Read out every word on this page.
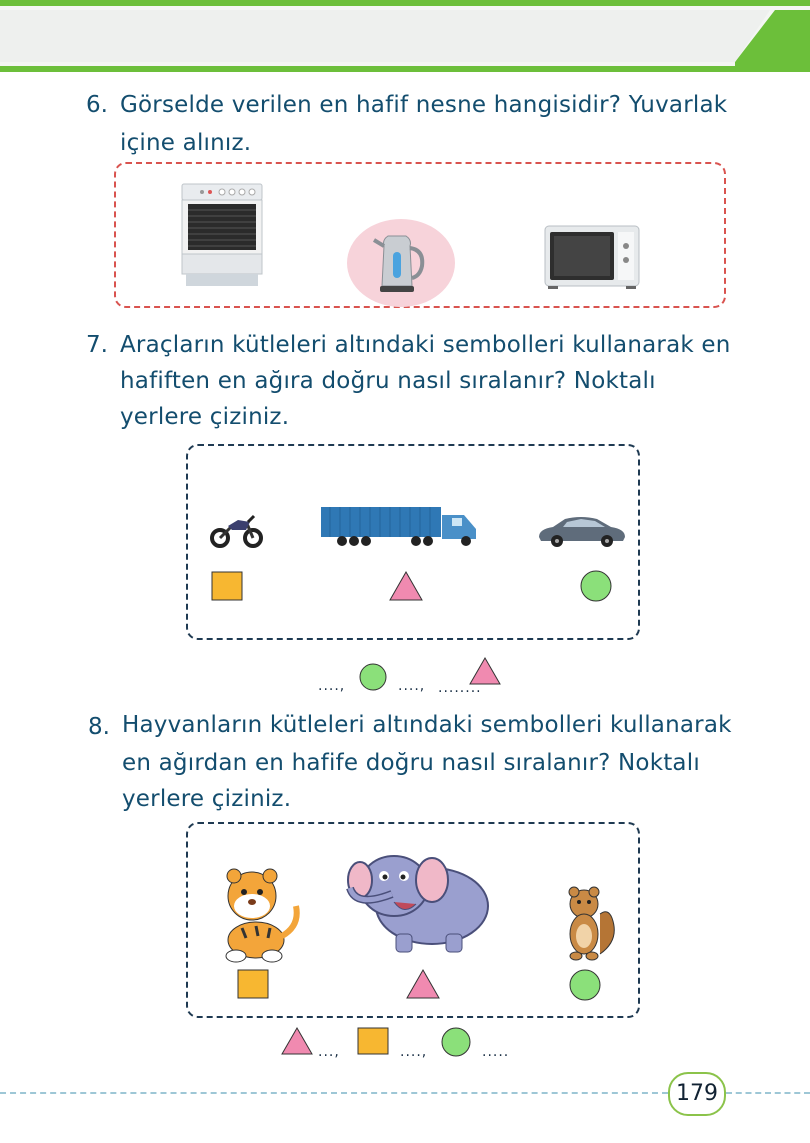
6. Görselde verilen en hafif nesne hangisidir? Yuvarlak
içine alınız.
7. Araçların kütleleri altındaki sembolleri kullanarak en
hafiften en ağıra doğru nasıl sıralanır? Noktalı
yerlere çiziniz.
....,	...., ........
8. Hayvanların kütleleri altındaki sembolleri kullanarak
en ağırdan en hafife doğru nasıl sıralanır? Noktalı
yerlere çiziniz.
...,	....,	.....
179
